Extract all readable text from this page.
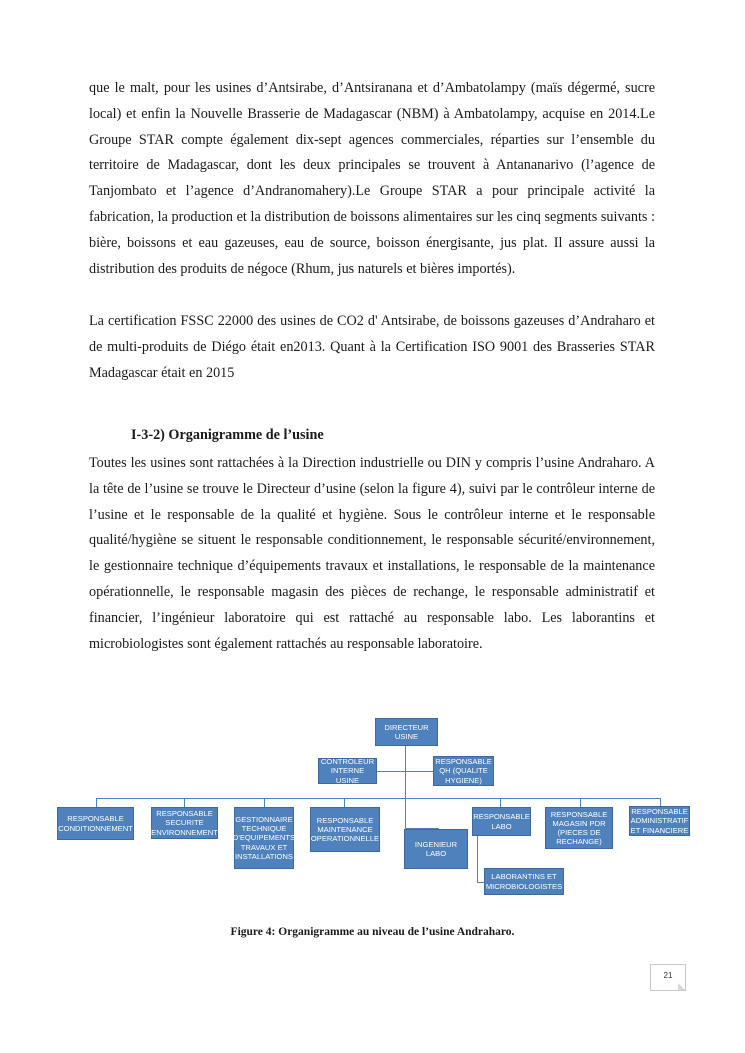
que le malt, pour les usines d’Antsirabe, d’Antsiranana et d’Ambatolampy (maïs dégermé, sucre local) et enfin la Nouvelle Brasserie de Madagascar (NBM) à Ambatolampy, acquise en 2014.Le Groupe STAR compte également dix-sept agences commerciales, réparties sur l’ensemble du territoire de Madagascar, dont les deux principales se trouvent à Antananarivo (l’agence de Tanjombato et l’agence d’Andranomahery).Le Groupe STAR a pour principale activité la fabrication, la production et la distribution de boissons alimentaires sur les cinq segments suivants : bière, boissons et eau gazeuses, eau de source, boisson énergisante, jus plat. Il assure aussi la distribution des produits de négoce (Rhum, jus naturels et bières importés).

La certification FSSC 22000 des usines de CO2 d' Antsirabe, de boissons gazeuses d’Andraharo et de multi-produits de Diégo était en2013. Quant à la Certification ISO 9001 des Brasseries STAR Madagascar était en 2015

I-3-2) Organigramme de l’usine

Toutes les usines sont rattachées à la Direction industrielle ou DIN y compris l’usine Andraharo. A la tête de l’usine se trouve le Directeur d’usine (selon la figure 4), suivi par le contrôleur interne de l’usine et le responsable de la qualité et hygiène. Sous le contrôleur interne et le responsable qualité/hygiène se situent le responsable conditionnement, le responsable sécurité/environnement, le gestionnaire technique d’équipements travaux et installations, le responsable de la maintenance opérationnelle, le responsable magasin des pièces de rechange, le responsable administratif et financier, l’ingénieur laboratoire qui est rattaché au responsable labo. Les laborantins et microbiologistes sont également rattachés au responsable laboratoire.

DIRECTEUR
USINE
CONTROLEUR
INTERNE USINE
RESPONSABLE
QH (QUALITE
HYGIENE)
RESPONSABLE
CONDITIONNEMENT
RESPONSABLE
SECURITE
ENVIRONNEMENT
GESTIONNAIRE
TECHNIQUE
D'EQUIPEMENTS
TRAVAUX ET
INSTALLATIONS
RESPONSABLE
MAINTENANCE
OPERATIONNELLE
INGENIEUR LABO
RESPONSABLE
LABO
RESPONSABLE
MAGASIN PDR
(PIECES DE
RECHANGE)
RESPONSABLE
ADMINISTRATIF
ET FINANCIERE
LABORANTINS ET
MICROBIOLOGISTES
Figure 4: Organigramme au niveau de l’usine Andraharo.
21
